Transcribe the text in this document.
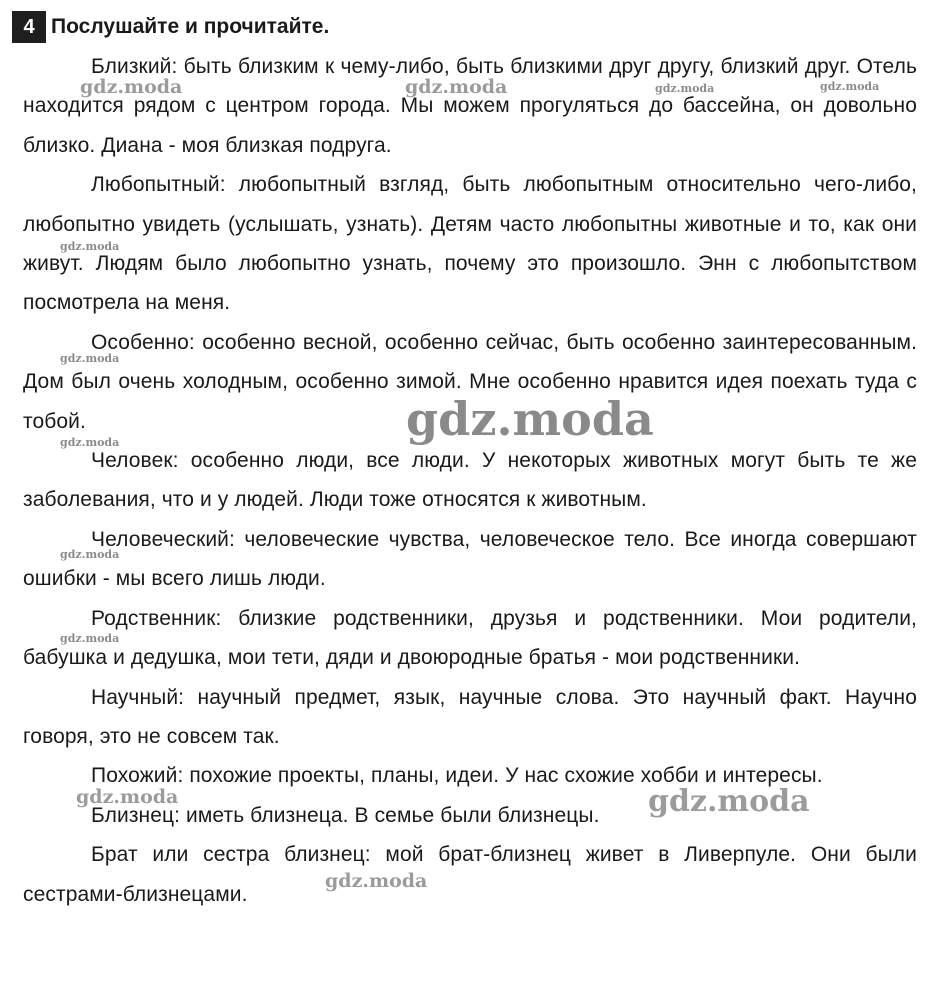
4 Послушайте и прочитайте.

Близкий: быть близким к чему-либо, быть близкими друг другу, близкий друг. Отель находится рядом с центром города. Мы можем прогуляться до бассейна, он довольно близко. Диана - моя близкая подруга.

Любопытный: любопытный взгляд, быть любопытным относительно чего-либо, любопытно увидеть (услышать, узнать). Детям часто любопытны животные и то, как они живут. Людям было любопытно узнать, почему это произошло. Энн с любопытством посмотрела на меня.

Особенно: особенно весной, особенно сейчас, быть особенно заинтересованным. Дом был очень холодным, особенно зимой. Мне особенно нравится идея поехать туда с тобой.

Человек: особенно люди, все люди. У некоторых животных могут быть те же заболевания, что и у людей. Люди тоже относятся к животным.

Человеческий: человеческие чувства, человеческое тело. Все иногда совершают ошибки - мы всего лишь люди.

Родственник: близкие родственники, друзья и родственники. Мои родители, бабушка и дедушка, мои тети, дяди и двоюродные братья - мои родственники.

Научный: научный предмет, язык, научные слова. Это научный факт. Научно говоря, это не совсем так.

Похожий: похожие проекты, планы, идеи. У нас схожие хобби и интересы.

Близнец: иметь близнеца. В семье были близнецы.

Брат или сестра близнец: мой брат-близнец живет в Ливерпуле. Они были сестрами-близнецами.

gdz.moda	gdz.moda	gdz.moda	gdz.moda
gdz.moda
gdz.moda
gdz.moda
gdz.moda
gdz.moda
gdz.moda
gdz.moda	gdz.moda
gdz.moda
